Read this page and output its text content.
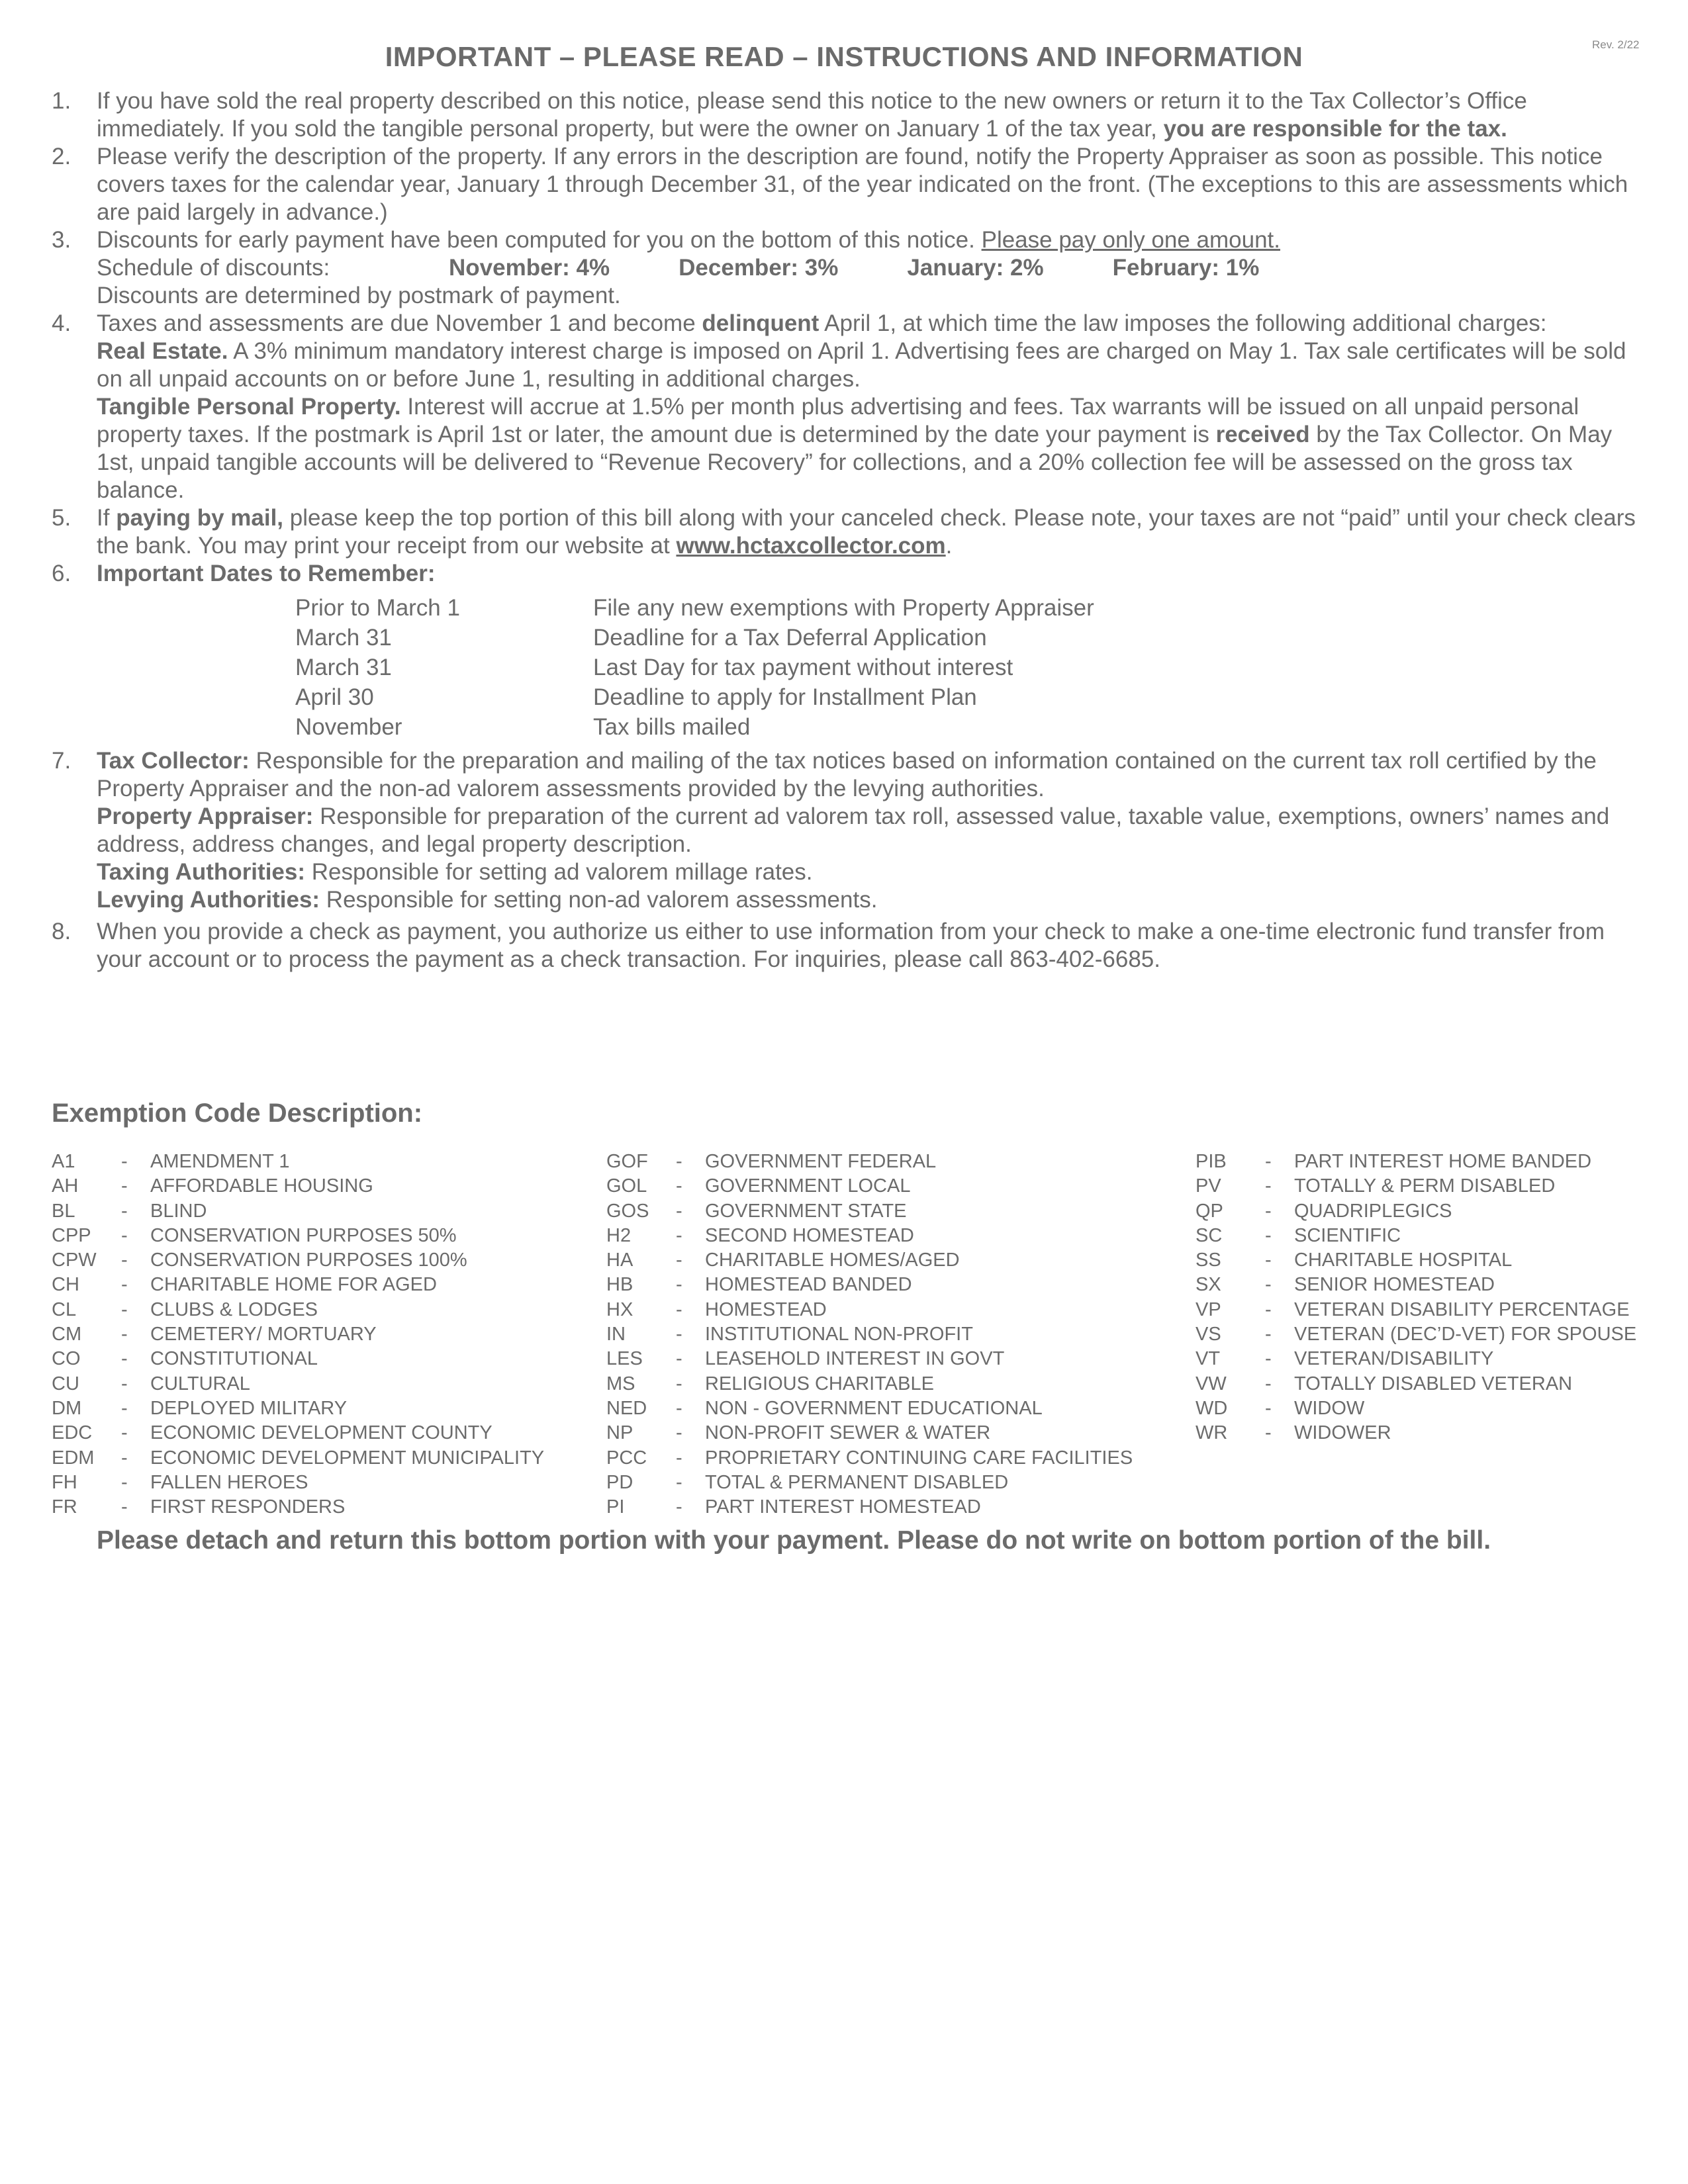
Rev. 2/22
IMPORTANT – PLEASE READ – INSTRUCTIONS AND INFORMATION
1. If you have sold the real property described on this notice, please send this notice to the new owners or return it to the Tax Collector’s Office immediately. If you sold the tangible personal property, but were the owner on January 1 of the tax year, you are responsible for the tax.

2. Please verify the description of the property. If any errors in the description are found, notify the Property Appraiser as soon as possible. This notice covers taxes for the calendar year, January 1 through December 31, of the year indicated on the front. (The exceptions to this are assessments which are paid largely in advance.)

3. Discounts for early payment have been computed for you on the bottom of this notice. Please pay only one amount.

Schedule of discounts:	November: 4%	December: 3%	January: 2%	February: 1%

Discounts are determined by postmark of payment.

4. Taxes and assessments are due November 1 and become delinquent April 1, at which time the law imposes the following additional charges:

Real Estate. A 3% minimum mandatory interest charge is imposed on April 1. Advertising fees are charged on May 1. Tax sale certificates will be sold on all unpaid accounts on or before June 1, resulting in additional charges.

Tangible Personal Property. Interest will accrue at 1.5% per month plus advertising and fees. Tax warrants will be issued on all unpaid personal property taxes. If the postmark is April 1st or later, the amount due is determined by the date your payment is received by the Tax Collector. On May 1st, unpaid tangible accounts will be delivered to “Revenue Recovery” for collections, and a 20% collection fee will be assessed on the gross tax balance.

5. If paying by mail, please keep the top portion of this bill along with your canceled check. Please note, your taxes are not “paid” until your check clears the bank. You may print your receipt from our website at www.hctaxcollector.com.

6. Important Dates to Remember:

Prior to March 1	File any new exemptions with Property Appraiser
March 31	Deadline for a Tax Deferral Application
March 31	Last Day for tax payment without interest
April 30	Deadline to apply for Installment Plan
November	Tax bills mailed
7. Tax Collector: Responsible for the preparation and mailing of the tax notices based on information contained on the current tax roll certified by the Property Appraiser and the non-ad valorem assessments provided by the levying authorities.

Property Appraiser: Responsible for preparation of the current ad valorem tax roll, assessed value, taxable value, exemptions, owners’ names and address, address changes, and legal property description.

Taxing Authorities: Responsible for setting ad valorem millage rates.

Levying Authorities: Responsible for setting non-ad valorem assessments.

8. When you provide a check as payment, you authorize us either to use information from your check to make a one-time electronic fund transfer from your account or to process the payment as a check transaction. For inquiries, please call 863-402-6685.

Exemption Code Description:
A1	-	AMENDMENT 1
AH	-	AFFORDABLE HOUSING
BL	-	BLIND
CPP	-	CONSERVATION PURPOSES 50%
CPW	-	CONSERVATION PURPOSES 100%
CH	-	CHARITABLE HOME FOR AGED
CL	-	CLUBS & LODGES
CM	-	CEMETERY/ MORTUARY
CO	-	CONSTITUTIONAL
CU	-	CULTURAL
DM	-	DEPLOYED MILITARY
EDC	-	ECONOMIC DEVELOPMENT COUNTY
EDM	-	ECONOMIC DEVELOPMENT MUNICIPALITY
FH	-	FALLEN HEROES
FR	-	FIRST RESPONDERS
GOF	-	GOVERNMENT FEDERAL
GOL	-	GOVERNMENT LOCAL
GOS	-	GOVERNMENT STATE
H2	-	SECOND HOMESTEAD
HA	-	CHARITABLE HOMES/AGED
HB	-	HOMESTEAD BANDED
HX	-	HOMESTEAD
IN	-	INSTITUTIONAL NON-PROFIT
LES	-	LEASEHOLD INTEREST IN GOVT
MS	-	RELIGIOUS CHARITABLE
NED	-	NON - GOVERNMENT EDUCATIONAL
NP	-	NON-PROFIT SEWER & WATER
PCC	-	PROPRIETARY CONTINUING CARE FACILITIES
PD	-	TOTAL & PERMANENT DISABLED
PI	-	PART INTEREST HOMESTEAD
PIB	-	PART INTEREST HOME BANDED
PV	-	TOTALLY & PERM DISABLED
QP	-	QUADRIPLEGICS
SC	-	SCIENTIFIC
SS	-	CHARITABLE HOSPITAL
SX	-	SENIOR HOMESTEAD
VP	-	VETERAN DISABILITY PERCENTAGE
VS	-	VETERAN (DEC’D-VET) FOR SPOUSE
VT	-	VETERAN/DISABILITY
VW	-	TOTALLY DISABLED VETERAN
WD	-	WIDOW
WR	-	WIDOWER
Please detach and return this bottom portion with your payment. Please do not write on bottom portion of the bill.
